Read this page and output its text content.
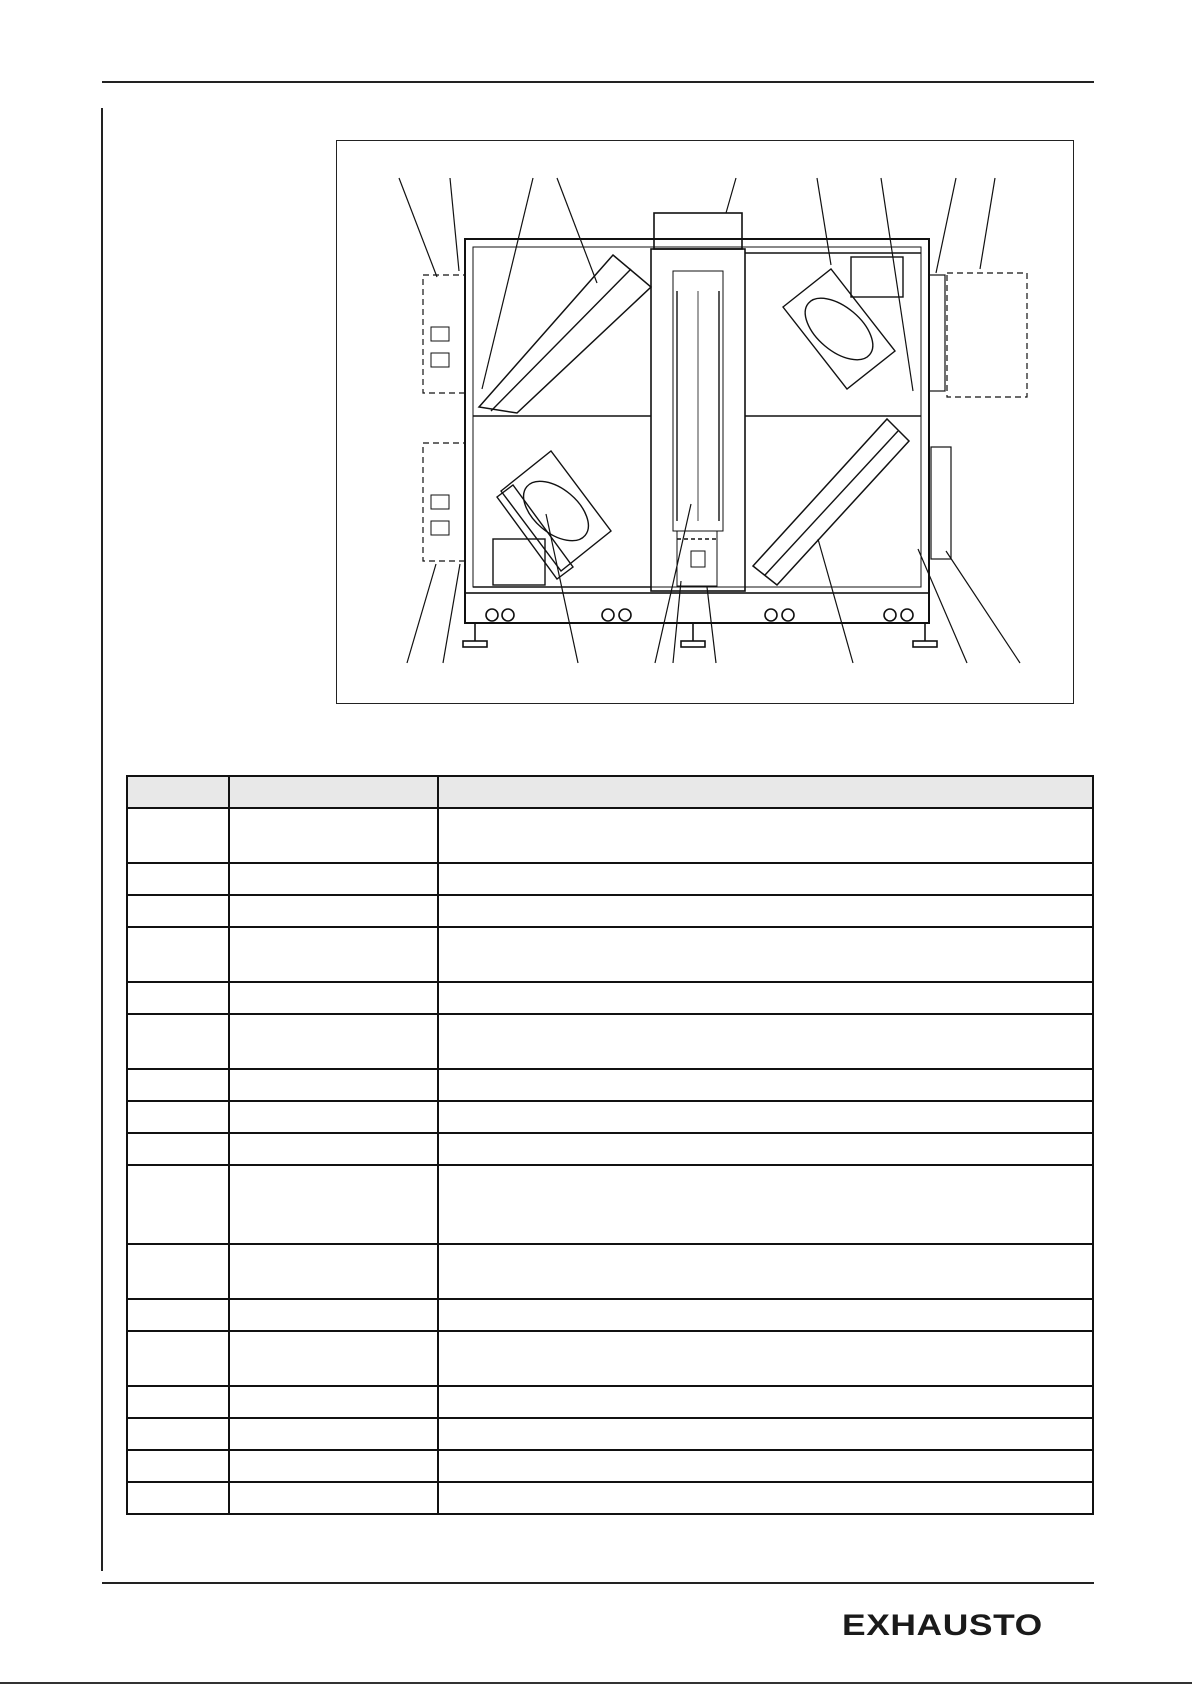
EXHAUSTO
